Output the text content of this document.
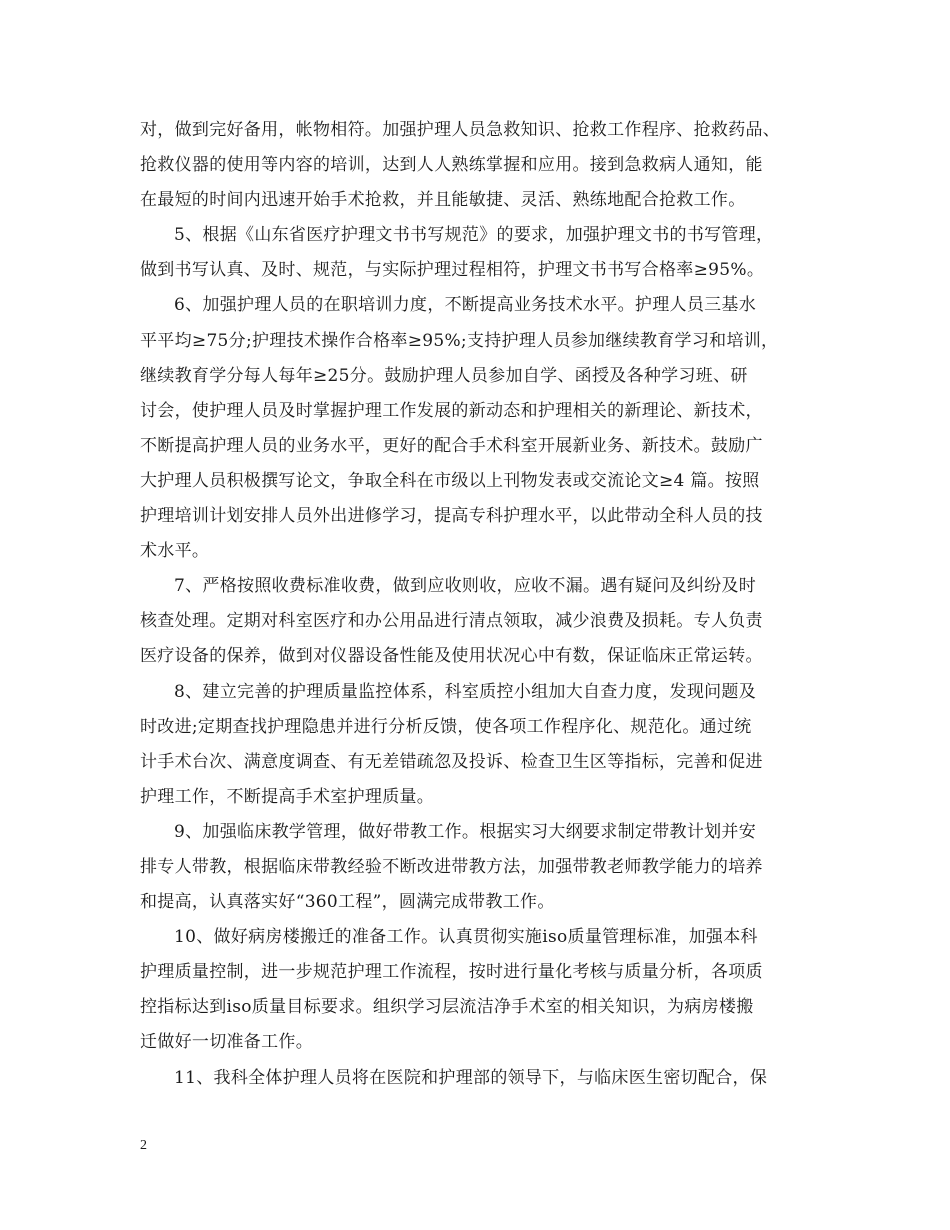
对，做到完好备用，帐物相符。加强护理人员急救知识、抢救工作程序、抢救药品、
抢救仪器的使用等内容的培训，达到人人熟练掌握和应用。接到急救病人通知，能
在最短的时间内迅速开始手术抢救，并且能敏捷、灵活、熟练地配合抢救工作。
5、根据《山东省医疗护理文书书写规范》的要求，加强护理文书的书写管理，
做到书写认真、及时、规范，与实际护理过程相符，护理文书书写合格率≥95%。
6、加强护理人员的在职培训力度，不断提高业务技术水平。护理人员三基水
平平均≥75分;护理技术操作合格率≥95%;支持护理人员参加继续教育学习和培训，
继续教育学分每人每年≥25分。鼓励护理人员参加自学、函授及各种学习班、研
讨会，使护理人员及时掌握护理工作发展的新动态和护理相关的新理论、新技术，
不断提高护理人员的业务水平，更好的配合手术科室开展新业务、新技术。鼓励广
大护理人员积极撰写论文，争取全科在市级以上刊物发表或交流论文≥4 篇。按照
护理培训计划安排人员外出进修学习，提高专科护理水平，以此带动全科人员的技
术水平。
7、严格按照收费标准收费，做到应收则收，应收不漏。遇有疑问及纠纷及时
核查处理。定期对科室医疗和办公用品进行清点领取，减少浪费及损耗。专人负责
医疗设备的保养，做到对仪器设备性能及使用状况心中有数，保证临床正常运转。
8、建立完善的护理质量监控体系，科室质控小组加大自查力度，发现问题及
时改进;定期查找护理隐患并进行分析反馈，使各项工作程序化、规范化。通过统
计手术台次、满意度调查、有无差错疏忽及投诉、检查卫生区等指标，完善和促进
护理工作，不断提高手术室护理质量。
9、加强临床教学管理，做好带教工作。根据实习大纲要求制定带教计划并安
排专人带教，根据临床带教经验不断改进带教方法，加强带教老师教学能力的培养
和提高，认真落实好“360工程”，圆满完成带教工作。
10、做好病房楼搬迁的准备工作。认真贯彻实施iso质量管理标准，加强本科
护理质量控制，进一步规范护理工作流程，按时进行量化考核与质量分析，各项质
控指标达到iso质量目标要求。组织学习层流洁净手术室的相关知识，为病房楼搬
迁做好一切准备工作。
11、我科全体护理人员将在医院和护理部的领导下，与临床医生密切配合，保
2
